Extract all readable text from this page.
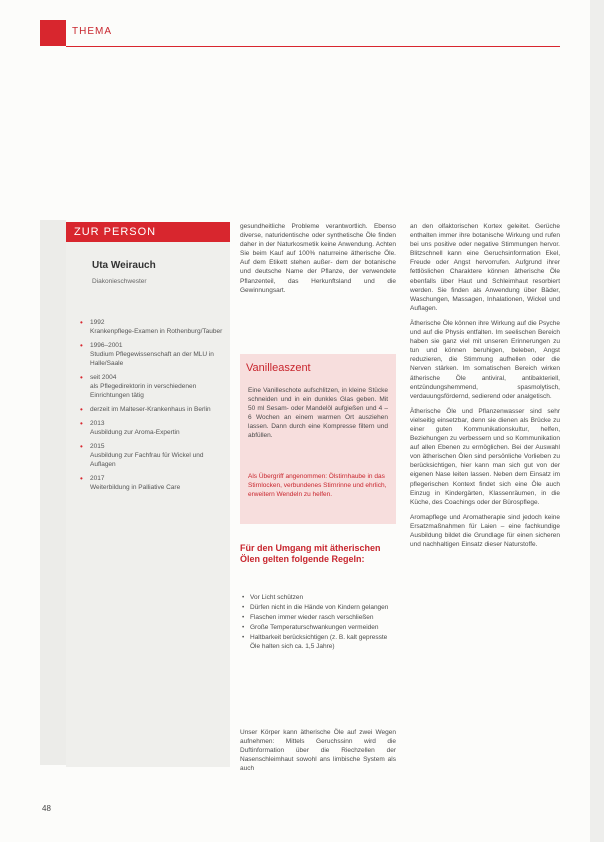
THEMA
ZUR PERSON
Uta Weirauch
Diakonieschwester
• 1992
Krankenpflege-Examen in Rothenburg/Tauber
• 1996–2001
Studium Pflegewissenschaft an der MLU in Halle/Saale
• seit 2004
als Pflegedirektorin in verschiedenen Einrichtungen tätig
• derzeit im Malteser-Krankenhaus in Berlin
• 2013
Ausbildung zur Aroma-Expertin
• 2015
Ausbildung zur Fachfrau für Wickel und Auflagen
• 2017
Weiterbildung in Palliative Care

gesundheitliche Probleme verantwortlich. Ebenso diverse, naturidentische oder synthetische Öle finden daher in der Naturkosmetik keine Anwendung. Achten Sie beim Kauf auf 100% naturreine ätherische Öle. Auf dem Etikett stehen außer- dem der botanische und deutsche Name der Pflanze, der verwendete Pflanzenteil, das Herkunftsland und die Gewinnungsart.

Vanilleaszent
Eine Vanilleschote aufschlitzen, in kleine Stücke schneiden und in ein dunkles Glas geben. Mit 50 ml Sesam- oder Mandelöl aufgießen und 4 – 6 Wochen an einem warmen Ort ausziehen lassen. Dann durch eine Kompresse filtern und abfüllen.
Als Übergriff angenommen: Ölstirnhaube in das Stirnlocken, verbundenes Stirnrinne und ehrlich, erweitern Wendeln zu helfen.
Für den Umgang mit ätherischen Ölen gelten folgende Regeln:
• Vor Licht schützen
• Dürfen nicht in die Hände von Kindern gelangen
• Flaschen immer wieder rasch verschließen
• Große Temperaturschwankungen vermeiden
• Haltbarkeit berücksichtigen (z. B. kalt gepresste Öle halten sich ca. 1,5 Jahre)

Unser Körper kann ätherische Öle auf zwei Wegen aufnehmen: Mittels Geruchssinn wird die Duftinformation über die Riechzellen der Nasenschleimhaut sowohl ans limbische System als auch

an den olfaktorischen Kortex geleitet. Gerüche enthalten immer ihre botanische Wirkung und rufen bei uns positive oder negative Stimmungen hervor. Blitzschnell kann eine Geruchsinformation Ekel, Freude oder Angst hervorrufen. Aufgrund ihrer fettlöslichen Charaktere können ätherische Öle ebenfalls über Haut und Schleimhaut resorbiert werden. Sie finden als Anwendung über Bäder, Waschungen, Massagen, Inhalationen, Wickel und Auflagen.

Ätherische Öle können ihre Wirkung auf die Psyche und auf die Physis entfalten. Im seelischen Bereich haben sie ganz viel mit unseren Erinnerungen zu tun und können beruhigen, beleben, Angst reduzieren, die Stimmung aufhellen oder die Nerven stärken. Im somatischen Bereich wirken ätherische Öle antiviral, antibakteriell, entzündungshemmend, spasmolytisch, verdauungsfördernd, sedierend oder analgetisch.

Ätherische Öle und Pflanzenwasser sind sehr vielseitig einsetzbar, denn sie dienen als Brücke zu einer guten Kommunikationskultur, helfen, Beziehungen zu verbessern und so Kommunikation auf allen Ebenen zu ermöglichen. Bei der Auswahl von ätherischen Ölen sind persönliche Vorlieben zu berücksichtigen, hier kann man sich gut von der eigenen Nase leiten lassen. Neben dem Einsatz im pflegerischen Kontext findet sich eine Öle auch Einzug in Kindergärten, Klassenräumen, in die Küche, des Coachings oder der Bürospflege.

Aromapflege und Aromatherapie sind jedoch keine Ersatzmaßnahmen für Laien – eine fachkundige Ausbildung bildet die Grundlage für einen sicheren und nachhaltigen Einsatz dieser Naturstoffe.

48
